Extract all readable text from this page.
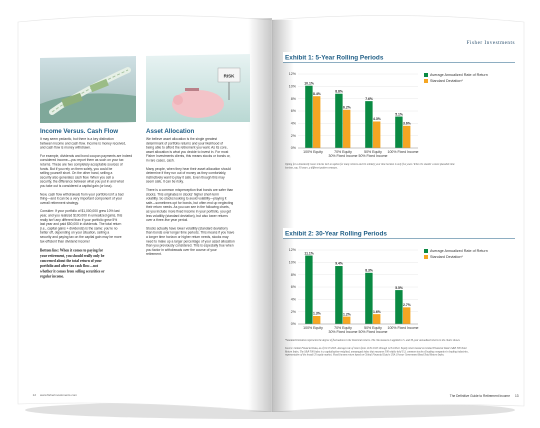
RISK
Income Versus. Cash Flow
It may seem pedantic, but there is a key distinction between income and cash flow. Income is money received, and cash flow is money withdrawn.
For example, dividends and bond coupon payments are indeed considered income—you report them as such on your tax returns. These are two completely acceptable sources of funds. But if you rely on them solely, you could be selling yourself short. On the other hand, selling a security also generates cash flow. When you sell a security, the difference between what you put in and what you take out is considered a capital gain (or loss).
Now, cash flow withdrawals from your portfolio isn't a bad thing—and it can be a very important component of your overall retirement strategy.
Consider: If your portfolio of $1,000,000 grew 10% last year, and you realized $100,000 in unrealized gains, this really isn't any different than if your portfolio grew 5% last year and paid $50,000 in dividends. The total return (i.e., capital gains + dividends) is the same: you're no better off, depending on your situation, selling a security and paying tax on the capital gain may be more tax-efficient than dividend income!
Bottom line: When it comes to paying for your retirement, you should really only be concerned about the total return of your portfolio and after-tax cash flow—not whether it comes from selling securities or regular income.
Asset Allocation
We believe asset allocation is the single greatest determinant of portfolio returns and your likelihood of being able to afford the retirement you want. As its core, asset allocation is what you decide to invest in. For most Fisher Investments clients, this means stocks or bonds or, in rare cases, cash.
Many people, when they hear their asset allocation should determine if they run out of money as they comfortably, instinctively want to play it safe. Even though this may seem safe, it can be risky.
There is a common misperception that bonds are safer than stocks. This originates in stocks' higher short-term volatility. So stocks looking to avoid volatility—playing it safe—sometimes opt for bonds, but often end up neglecting their return needs. As you can see in the following charts, as you include more fixed income in your portfolio, you get less volatility (standard deviation), but also lower returns over a three-five year period.
Stocks actually have lower volatility (standard deviation) than bonds over longer time periods. This means if you have a longer time horizon or higher return needs, stocks may need to make up a larger percentage of your asset allocation than you previously considered. This is especially true when you factor in withdrawals over the course of your retirement.
www.fisherinvestments.com
12
Fisher Investments
Exhibit 1: 5-Year Rolling Periods
0%
2%
4%
6%
8%
10%
12%
10.1%
8.4%
100% Equity
8.8%
6.2%
70% Equity
30% Fixed Income
7.6%
4.3%
50% Equity
50% Fixed Income
5.1%
3.6%
100% Fixed Income
Average Annualized Rate of Return
Standard Deviation*
Opting for a drastically lower returns isn't an option for many retirees and it's unlikely your time horizon is only five years. When it's smaller a more plausible time horizon, say, 30 years, a different pattern emerges.
Exhibit 2: 30-Year Rolling Periods
0%
2%
4%
6%
8%
10%
12%
11.1%
1.3%
100% Equity
9.4%
1.2%
70% Equity
30% Fixed Income
8.3%
1.6%
50% Equity
50% Fixed Income
5.5%
2.7%
100% Fixed Income
Average Annualized Rate of Return
Standard Deviation*
*Standard Deviation represents the degree of fluctuations in the historical returns. The risk measure is applied to 5- and 30-year annualized returns in the charts shown.
Source: Global Financial Data, as of 01/17/2023. Average rate of return from 12/31/1925 through 12/31/2022. Equity return based on Global Financial Data's S&P 500 Total Return Index. The S&P 500 Index is a capitalization-weighted, unmanaged index that measures 500 widely held U.S. common stocks of leading companies in leading industries, representative of the broad US equity market. Fixed Income return based on Global Financial Data's USA 10-year Government Bond Total Return Index.
The Definitive Guide to Retirement Income 13
